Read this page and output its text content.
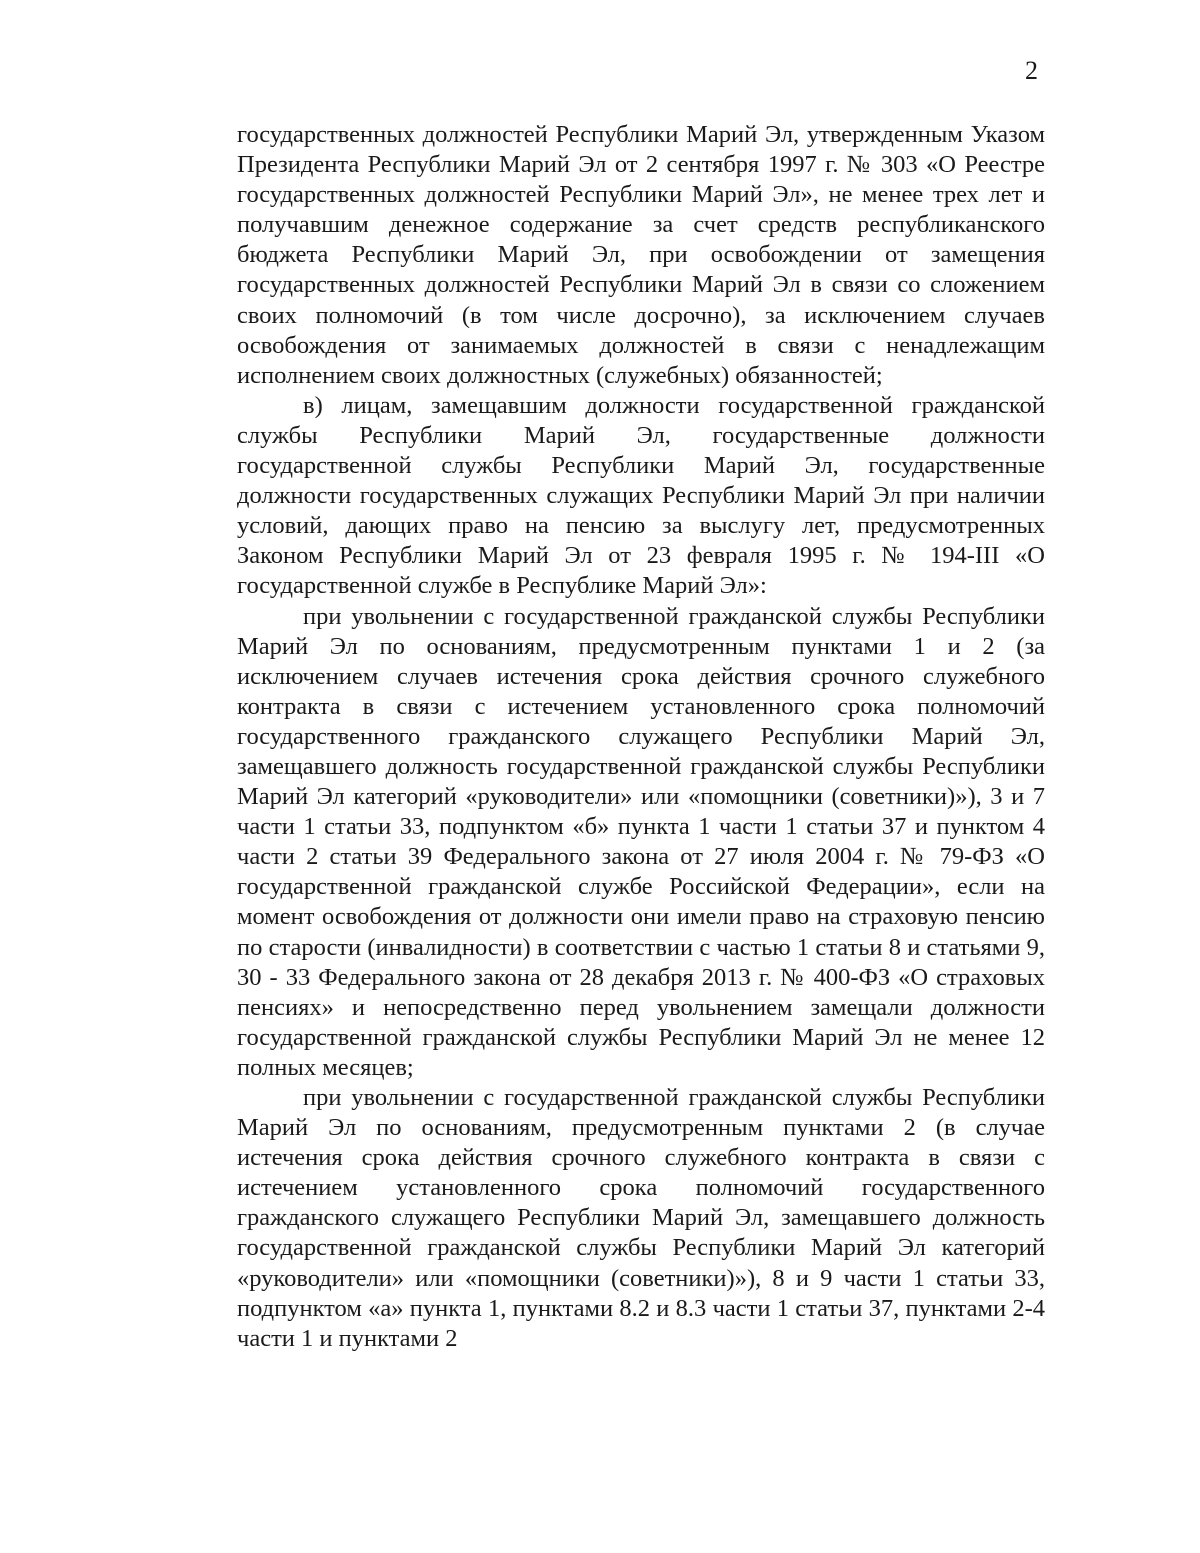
2

государственных должностей Республики Марий Эл, утвержденным Указом Президента Республики Марий Эл от 2 сентября 1997 г. № 303 «О Реестре государственных должностей Республики Марий Эл», не менее трех лет и получавшим денежное содержание за счет средств республиканского бюджета Республики Марий Эл, при освобождении от замещения государственных должностей Республики Марий Эл в связи со сложением своих полномочий (в том числе досрочно), за исключением случаев освобождения от занимаемых должностей в связи с ненадлежащим исполнением своих должностных (служебных) обязанностей;

в) лицам, замещавшим должности государственной гражданской службы Республики Марий Эл, государственные должности государственной службы Республики Марий Эл, государственные должности государственных служащих Республики Марий Эл при наличии условий, дающих право на пенсию за выслугу лет, предусмотренных Законом Республики Марий Эл от 23 февраля 1995 г. № 194-III «О государственной службе в Республике Марий Эл»:

при увольнении с государственной гражданской службы Республики Марий Эл по основаниям, предусмотренным пунктами 1 и 2 (за исключением случаев истечения срока действия срочного служебного контракта в связи с истечением установленного срока полномочий государственного гражданского служащего Республики Марий Эл, замещавшего должность государственной гражданской службы Республики Марий Эл категорий «руководители» или «помощники (советники)»), 3 и 7 части 1 статьи 33, подпунктом «б» пункта 1 части 1 статьи 37 и пунктом 4 части 2 статьи 39 Федерального закона от 27 июля 2004 г. № 79-ФЗ «О государственной гражданской службе Российской Федерации», если на момент освобождения от должности они имели право на страховую пенсию по старости (инвалидности) в соответствии с частью 1 статьи 8 и статьями 9, 30 - 33 Федерального закона от 28 декабря 2013 г. № 400-ФЗ «О страховых пенсиях» и непосредственно перед увольнением замещали должности государственной гражданской службы Республики Марий Эл не менее 12 полных месяцев;

при увольнении с государственной гражданской службы Республики Марий Эл по основаниям, предусмотренным пунктами 2 (в случае истечения срока действия срочного служебного контракта в связи с истечением установленного срока полномочий государственного гражданского служащего Республики Марий Эл, замещавшего должность государственной гражданской службы Республики Марий Эл категорий «руководители» или «помощники (советники)»), 8 и 9 части 1 статьи 33, подпунктом «а» пункта 1, пунктами 8.2 и 8.3 части 1 статьи 37, пунктами 2-4 части 1 и пунктами 2
